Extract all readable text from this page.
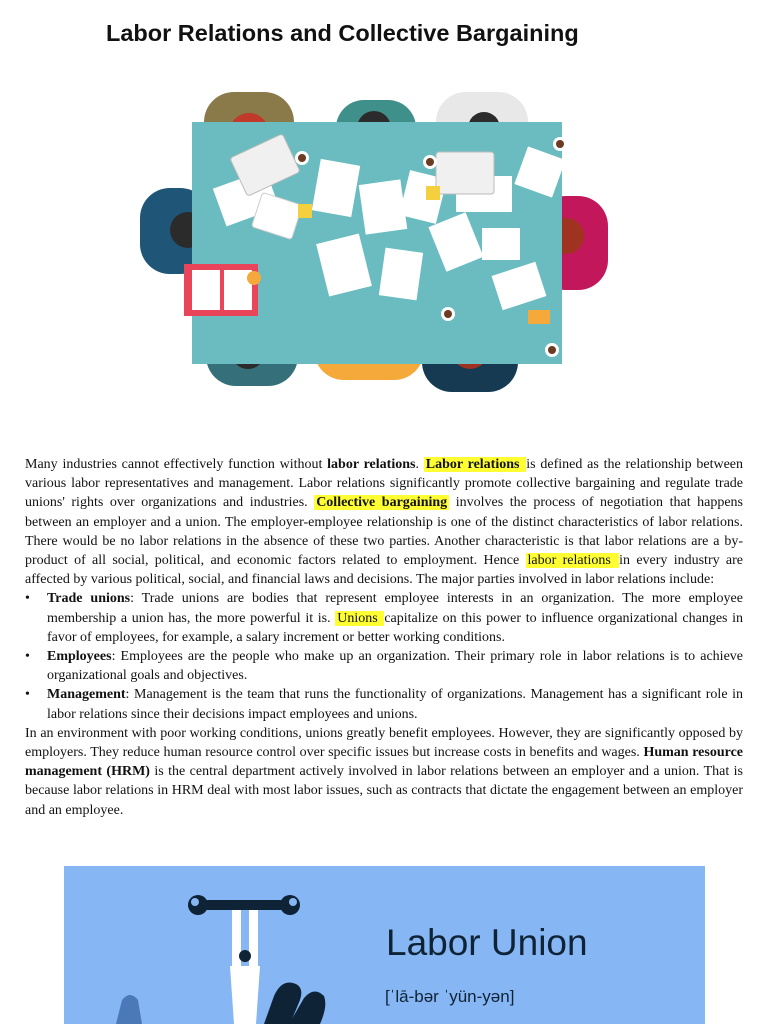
Labor Relations and Collective Bargaining

Many industries cannot effectively function without labor relations. Labor relations is defined as the relationship between various labor representatives and management. Labor relations significantly promote collective bargaining and regulate trade unions' rights over organizations and industries. Collective bargaining involves the process of negotiation that happens between an employer and a union. The employer-employee relationship is one of the distinct characteristics of labor relations. There would be no labor relations in the absence of these two parties. Another characteristic is that labor relations are a by-product of all social, political, and economic factors related to employment. Hence labor relations in every industry are affected by various political, social, and financial laws and decisions. The major parties involved in labor relations include:

• Trade unions: Trade unions are bodies that represent employee interests in an organization. The more employee membership a union has, the more powerful it is. Unions capitalize on this power to influence organizational changes in favor of employees, for example, a salary increment or better working conditions.
• Employees: Employees are the people who make up an organization. Their primary role in labor relations is to achieve organizational goals and objectives.
• Management: Management is the team that runs the functionality of organizations. Management has a significant role in labor relations since their decisions impact employees and unions.

In an environment with poor working conditions, unions greatly benefit employees. However, they are significantly opposed by employers. They reduce human resource control over specific issues but increase costs in benefits and wages. Human resource management (HRM) is the central department actively involved in labor relations between an employer and a union. That is because labor relations in HRM deal with most labor issues, such as contracts that dictate the engagement between an employer and an employee.

Labor Union
[ˈlā-bər ˈyün-yən]
